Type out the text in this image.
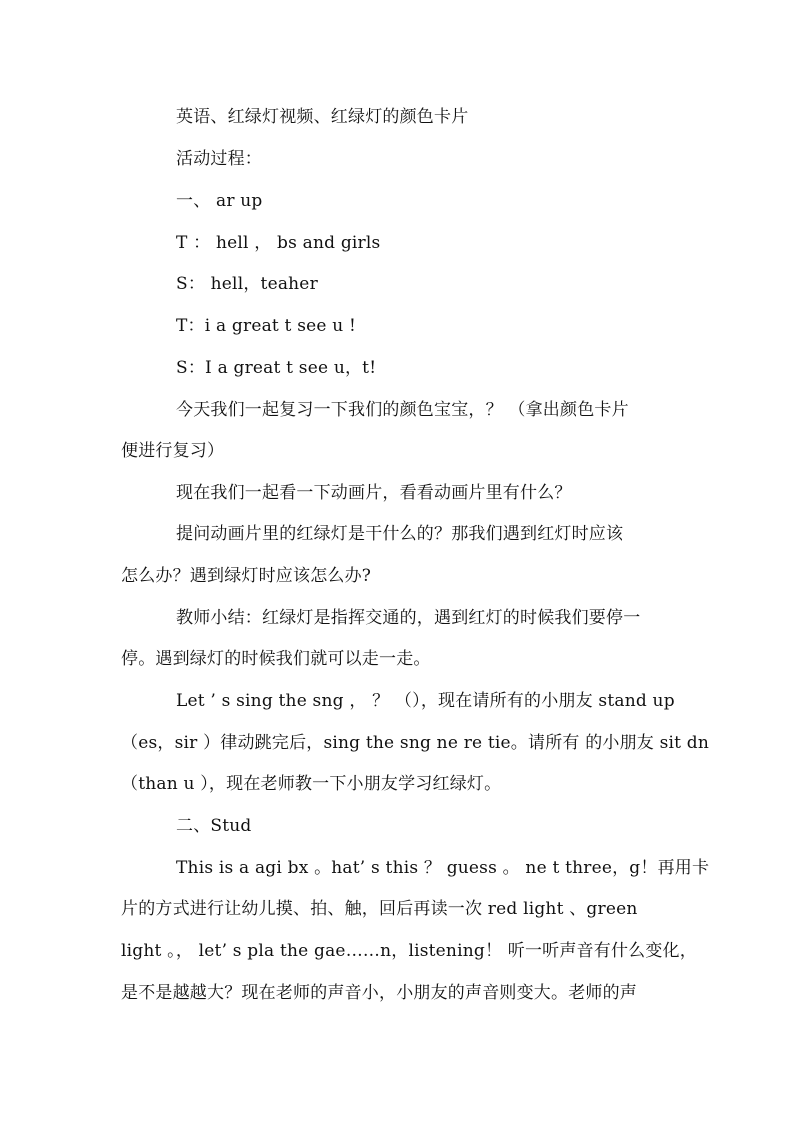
英语、红绿灯视频、红绿灯的颜色卡片
活动过程：
一、 ar up
T ： hell ， bs and girls
S： hell，teaher
T：i a great t see u !
S：I a great t see u，t!
今天我们一起复习一下我们的颜色宝宝，？ （拿出颜色卡片
便进行复习）
现在我们一起看一下动画片，看看动画片里有什么？
提问动画片里的红绿灯是干什么的？那我们遇到红灯时应该
怎么办？遇到绿灯时应该怎么办?
教师小结：红绿灯是指挥交通的，遇到红灯的时候我们要停一
停。遇到绿灯的时候我们就可以走一走。
Let ’ s sing the sng ， ？ （），现在请所有的小朋友 stand up
（es，sir ）律动跳完后，sing the sng ne re tie。请所有 的小朋友 sit dn
（than u ），现在老师教一下小朋友学习红绿灯。
二、Stud
This is a agi bx 。hat’ s this ？ guess 。 ne t three，g！再用卡
片的方式进行让幼儿摸、拍、触，回后再读一次 red light 、green
light 。， let’ s pla the gae……n，listening！ 听一听声音有什么变化，
是不是越越大？现在老师的声音小，小朋友的声音则变大。老师的声
